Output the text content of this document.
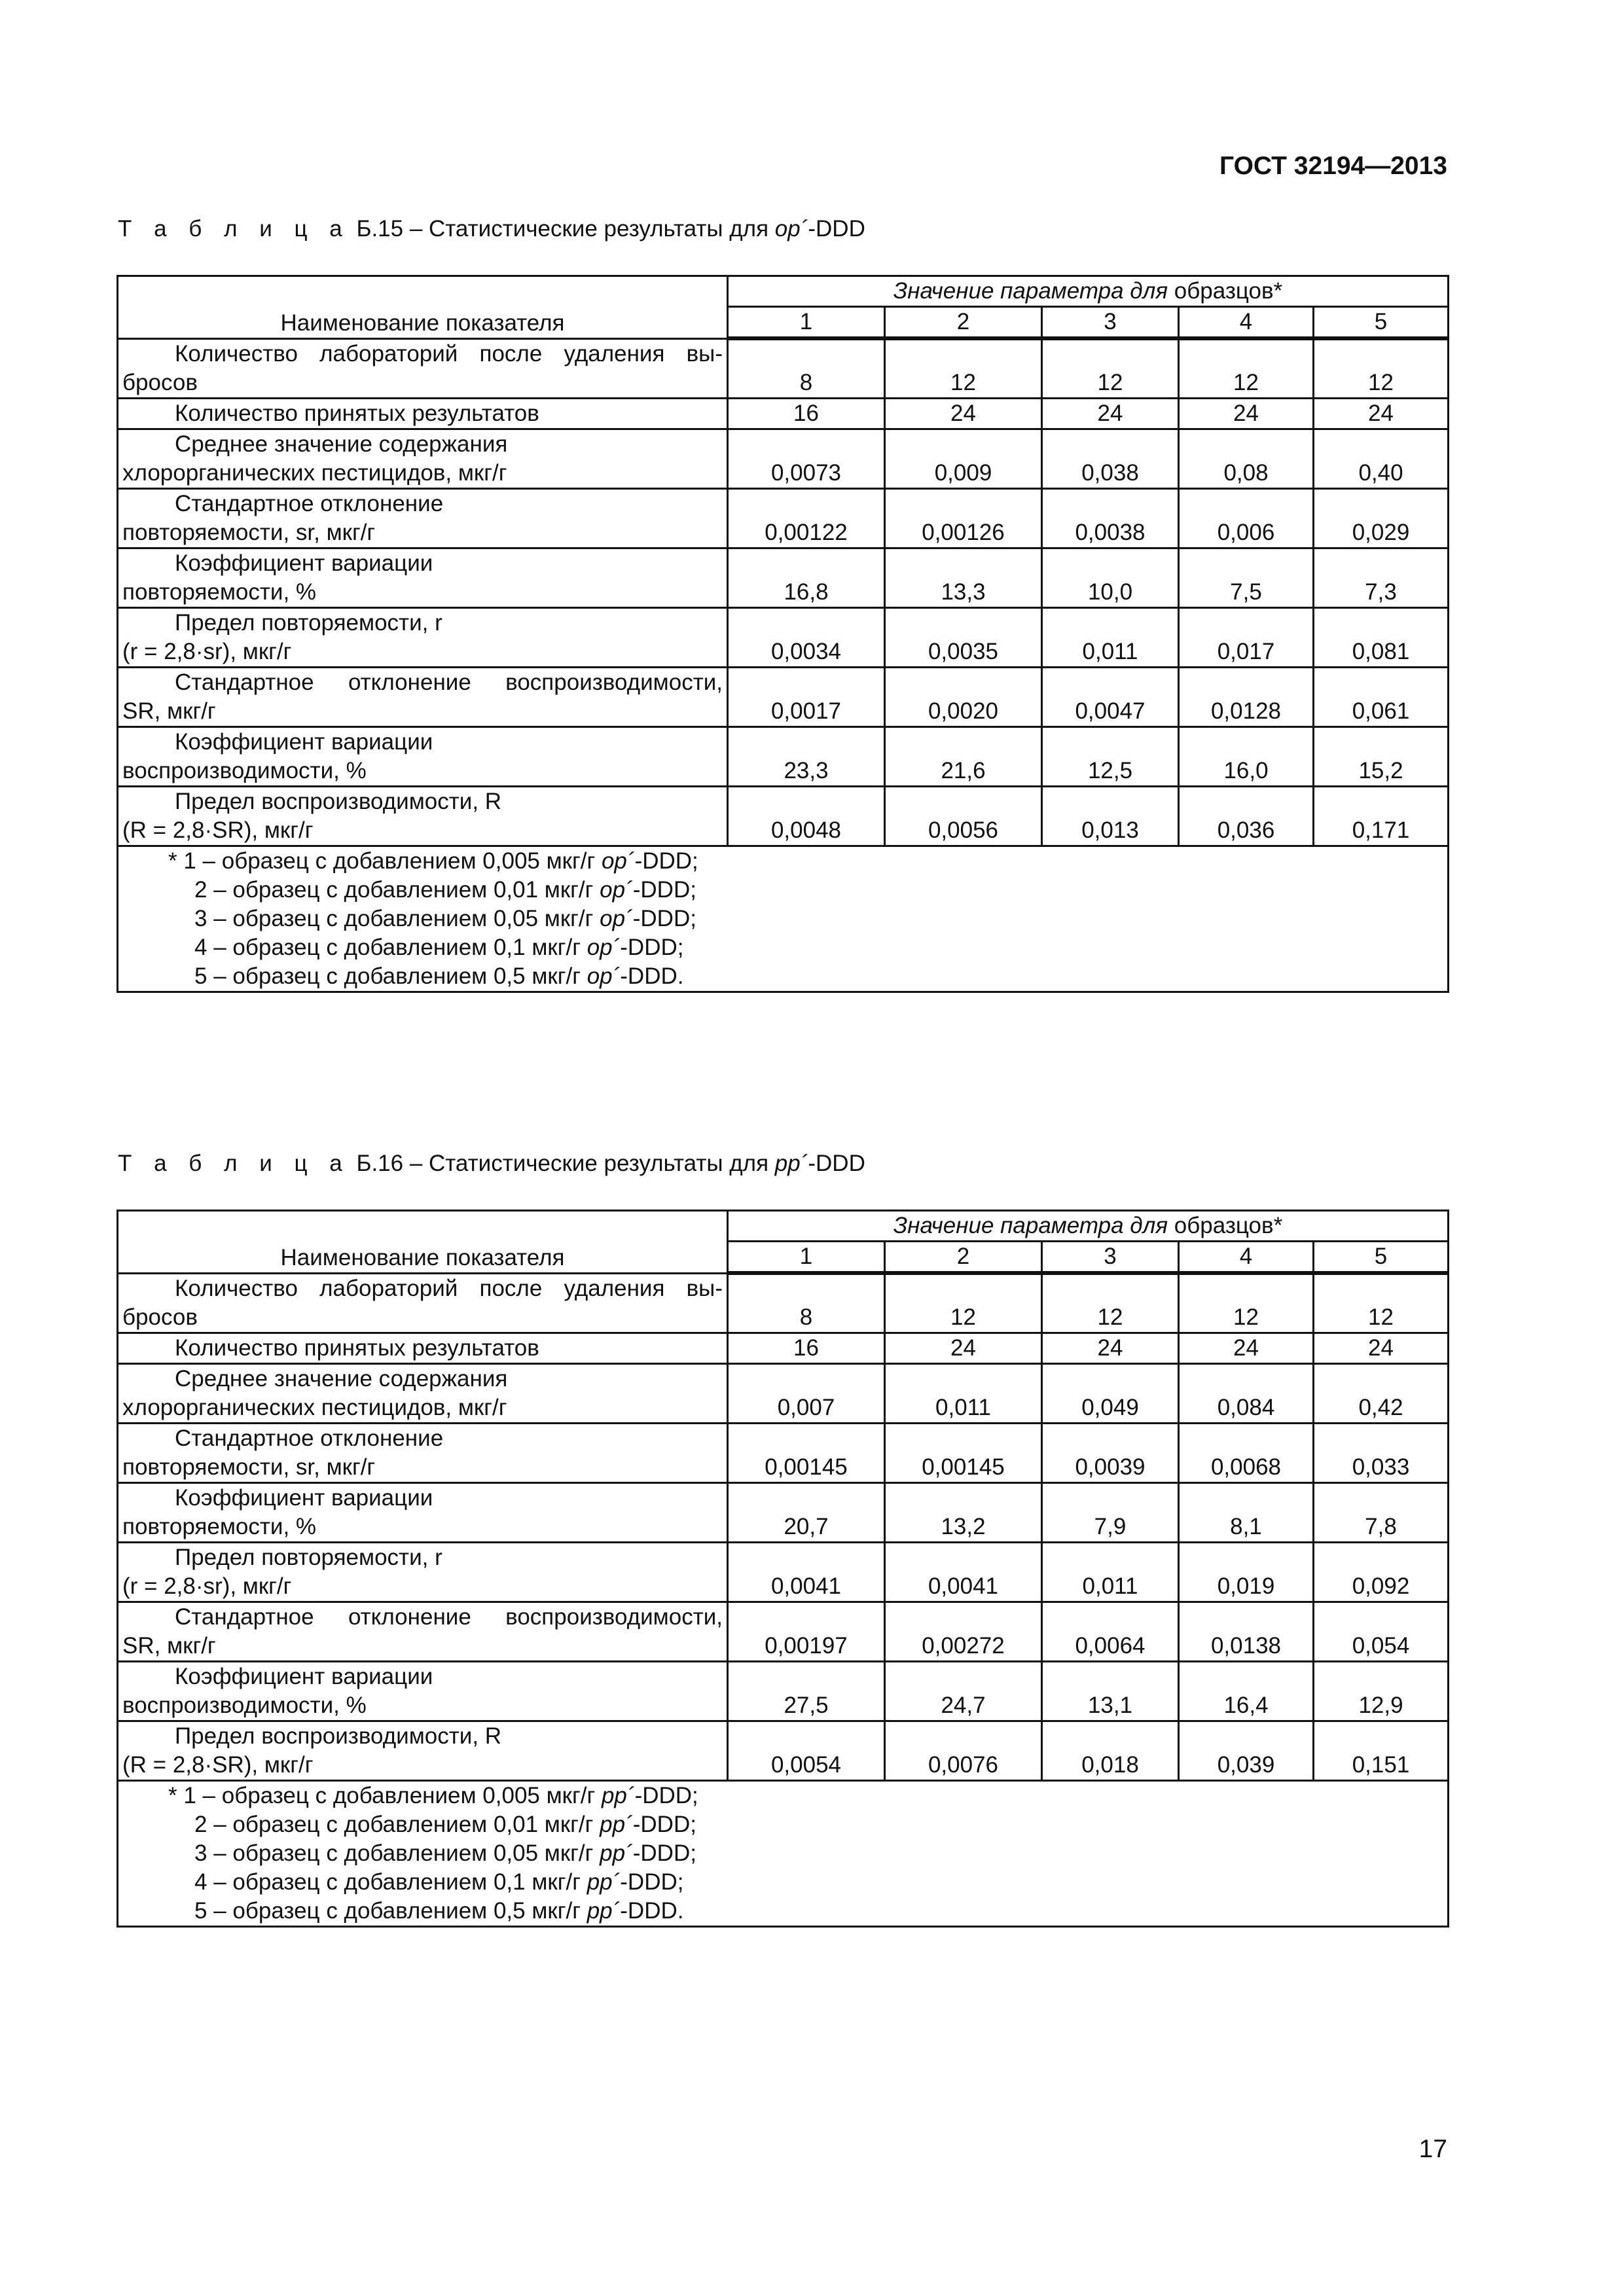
ГОСТ 32194—2013

Т а б л и ц а Б.15 – Статистические результаты для op´-DDD

Наименование показателя	Значение параметра для образцов*				
	1	2	3	4	5

Количество лабораторий после удаления вы-
бросов	8	12	12	12	12
Количество принятых результатов	16	24	24	24	24
Среднее значение содержания
хлорорганических пестицидов, мкг/г	0,0073	0,009	0,038	0,08	0,40
Стандартное отклонение
повторяемости, sr, мкг/г	0,00122	0,00126	0,0038	0,006	0,029
Коэффициент вариации
повторяемости, %	16,8	13,3	10,0	7,5	7,3
Предел повторяемости, r
(r = 2,8·sr), мкг/г	0,0034	0,0035	0,011	0,017	0,081

Стандартное отклонение воспроизводимости,
SR, мкг/г	0,0017	0,0020	0,0047	0,0128	0,061
Коэффициент вариации
воспроизводимости, %	23,3	21,6	12,5	16,0	15,2
Предел воспроизводимости, R
(R = 2,8·SR), мкг/г	0,0048	0,0056	0,013	0,036	0,171

* 1 – образец с добавлением 0,005 мкг/г op´-DDD;
2 – образец с добавлением 0,01 мкг/г op´-DDD;
3 – образец с добавлением 0,05 мкг/г op´-DDD;
4 – образец с добавлением 0,1 мкг/г op´-DDD;
5 – образец с добавлением 0,5 мкг/г op´-DDD.					

Т а б л и ц а Б.16 – Статистические результаты для pp´-DDD

Наименование показателя	Значение параметра для образцов*				
	1	2	3	4	5

Количество лабораторий после удаления вы-
бросов	8	12	12	12	12
Количество принятых результатов	16	24	24	24	24
Среднее значение содержания
хлорорганических пестицидов, мкг/г	0,007	0,011	0,049	0,084	0,42
Стандартное отклонение
повторяемости, sr, мкг/г	0,00145	0,00145	0,0039	0,0068	0,033
Коэффициент вариации
повторяемости, %	20,7	13,2	7,9	8,1	7,8
Предел повторяемости, r
(r = 2,8·sr), мкг/г	0,0041	0,0041	0,011	0,019	0,092

Стандартное отклонение воспроизводимости,
SR, мкг/г	0,00197	0,00272	0,0064	0,0138	0,054
Коэффициент вариации
воспроизводимости, %	27,5	24,7	13,1	16,4	12,9
Предел воспроизводимости, R
(R = 2,8·SR), мкг/г	0,0054	0,0076	0,018	0,039	0,151

* 1 – образец с добавлением 0,005 мкг/г pp´-DDD;
2 – образец с добавлением 0,01 мкг/г pp´-DDD;
3 – образец с добавлением 0,05 мкг/г pp´-DDD;
4 – образец с добавлением 0,1 мкг/г pp´-DDD;
5 – образец с добавлением 0,5 мкг/г pp´-DDD.					
17
